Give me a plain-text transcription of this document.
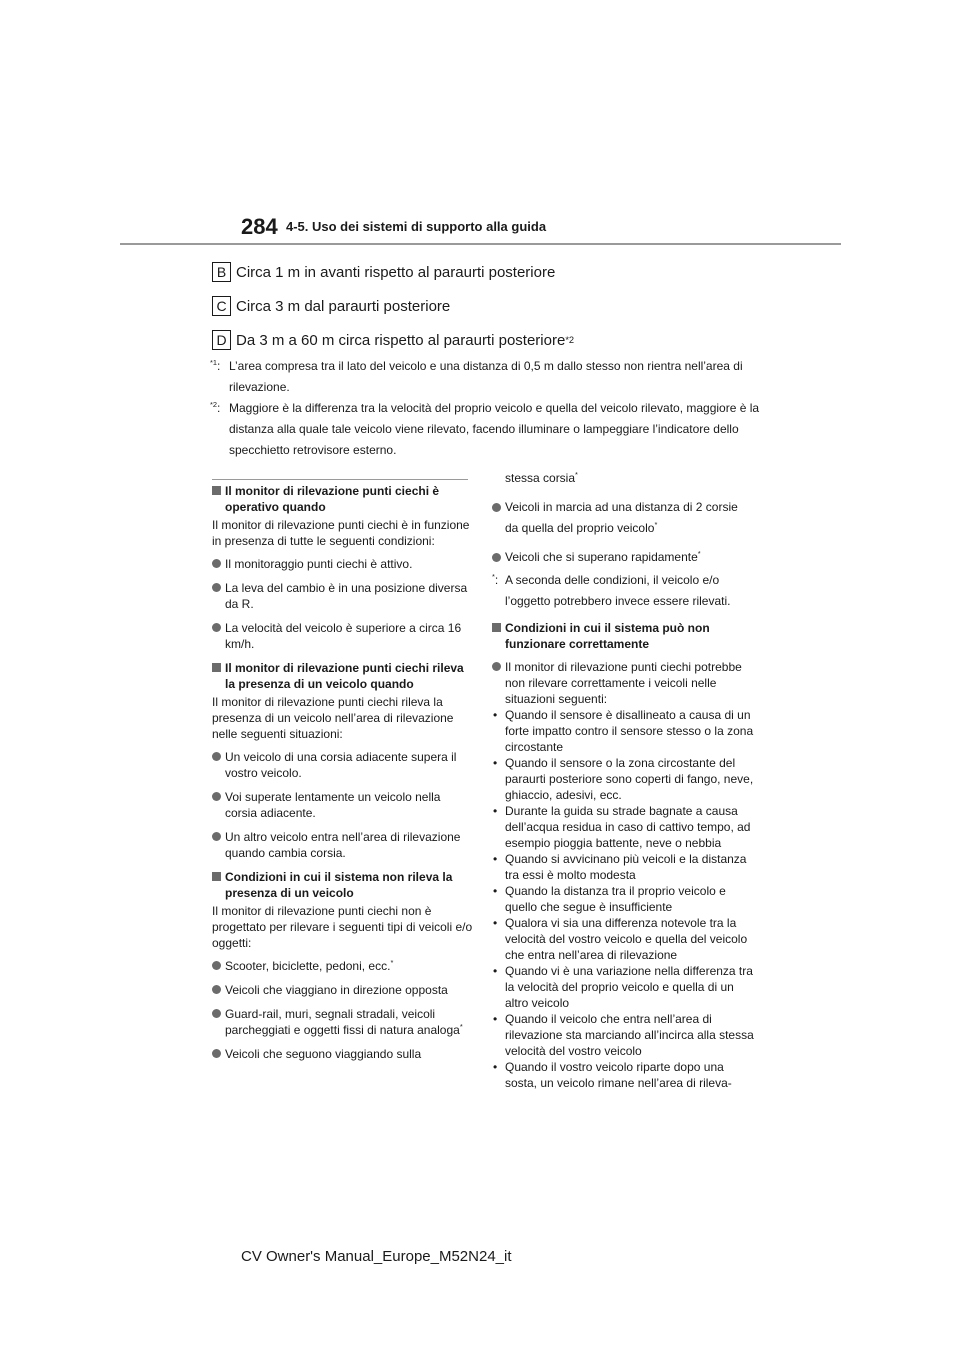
284 4-5. Uso dei sistemi di supporto alla guida
B Circa 1 m in avanti rispetto al paraurti posteriore
C Circa 3 m dal paraurti posteriore
D Da 3 m a 60 m circa rispetto al paraurti posteriore *2
$^{*1}$: L’area compresa tra il lato del veicolo e una distanza di 0,5 m dallo stesso non rientra nell’area di rilevazione.
$^{*2}$: Maggiore è la differenza tra la velocità del proprio veicolo e quella del veicolo rilevato, maggiore è la distanza alla quale tale veicolo viene rilevato, facendo illuminare o lampeggiare l’indicatore dello specchietto retrovisore esterno.
Il monitor di rilevazione punti ciechi è operativo quando

Il monitor di rilevazione punti ciechi è in funzione in presenza di tutte le seguenti condizioni:

Il monitoraggio punti ciechi è attivo.
La leva del cambio è in una posizione diversa da R.
La velocità del veicolo è superiore a circa 16 km/h.
Il monitor di rilevazione punti ciechi rileva la presenza di un veicolo quando

Il monitor di rilevazione punti ciechi rileva la presenza di un veicolo nell’area di rilevazione nelle seguenti situazioni:

Un veicolo di una corsia adiacente supera il vostro veicolo.
Voi superate lentamente un veicolo nella corsia adiacente.
Un altro veicolo entra nell’area di rilevazione quando cambia corsia.
Condizioni in cui il sistema non rileva la presenza di un veicolo

Il monitor di rilevazione punti ciechi non è progettato per rilevare i seguenti tipi di veicoli e/o oggetti:

Scooter, biciclette, pedoni, ecc.*
Veicoli che viaggiano in direzione opposta
Guard-rail, muri, segnali stradali, veicoli parcheggiati e oggetti fissi di natura analoga*
Veicoli che seguono viaggiando sulla

stessa corsia*

Veicoli in marcia ad una distanza di 2 corsie da quella del proprio veicolo*
Veicoli che si superano rapidamente*
*: A seconda delle condizioni, il veicolo e/o l’oggetto potrebbero invece essere rilevati.
Condizioni in cui il sistema può non funzionare correttamente
Il monitor di rilevazione punti ciechi potrebbe non rilevare correttamente i veicoli nelle situazioni seguenti:
• Quando il sensore è disallineato a causa di un forte impatto contro il sensore stesso o la zona circostante
• Quando il sensore o la zona circostante del paraurti posteriore sono coperti di fango, neve, ghiaccio, adesivi, ecc.
• Durante la guida su strade bagnate a causa dell’acqua residua in caso di cattivo tempo, ad esempio pioggia battente, neve o nebbia
• Quando si avvicinano più veicoli e la distanza tra essi è molto modesta
• Quando la distanza tra il proprio veicolo e quello che segue è insufficiente
• Qualora vi sia una differenza notevole tra la velocità del vostro veicolo e quella del veicolo che entra nell’area di rilevazione
• Quando vi è una variazione nella differenza tra la velocità del proprio veicolo e quella di un altro veicolo
• Quando il veicolo che entra nell’area di rilevazione sta marciando all’incirca alla stessa velocità del vostro veicolo
• Quando il vostro veicolo riparte dopo una sosta, un veicolo rimane nell’area di rileva-
CV Owner's Manual_Europe_M52N24_it
